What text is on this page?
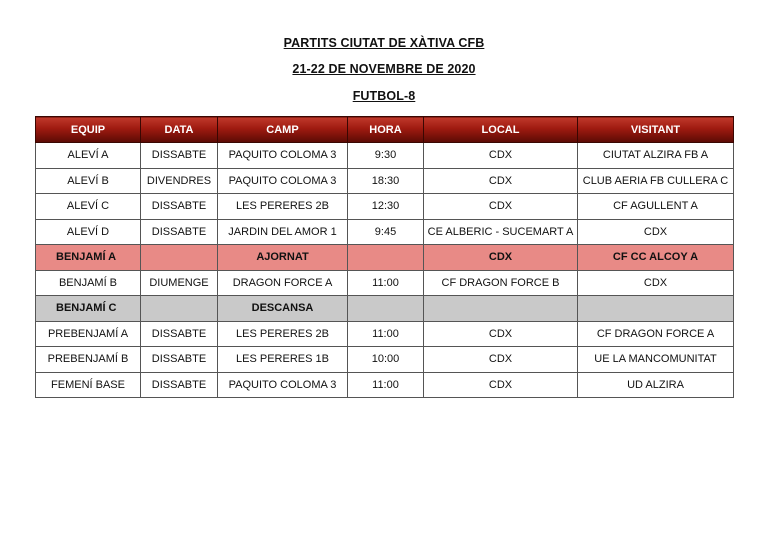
PARTITS CIUTAT DE XÀTIVA CFB
21-22 DE NOVEMBRE DE 2020
FUTBOL-8
EQUIP	DATA	CAMP	HORA	LOCAL	VISITANT
ALEVÍ A	DISSABTE	PAQUITO COLOMA 3	9:30	CDX	CIUTAT ALZIRA FB A
ALEVÍ B	DIVENDRES	PAQUITO COLOMA 3	18:30	CDX	CLUB AERIA FB CULLERA C
ALEVÍ C	DISSABTE	LES PERERES 2B	12:30	CDX	CF AGULLENT A
ALEVÍ D	DISSABTE	JARDIN DEL AMOR 1	9:45	CE ALBERIC - SUCEMART A	CDX
BENJAMÍ A		AJORNAT		CDX	CF CC ALCOY A
BENJAMÍ B	DIUMENGE	DRAGON FORCE A	11:00	CF DRAGON FORCE B	CDX
BENJAMÍ C		DESCANSA			
PREBENJAMÍ A	DISSABTE	LES PERERES 2B	11:00	CDX	CF DRAGON FORCE A
PREBENJAMÍ B	DISSABTE	LES PERERES 1B	10:00	CDX	UE LA MANCOMUNITAT
FEMENÍ BASE	DISSABTE	PAQUITO COLOMA 3	11:00	CDX	UD ALZIRA
